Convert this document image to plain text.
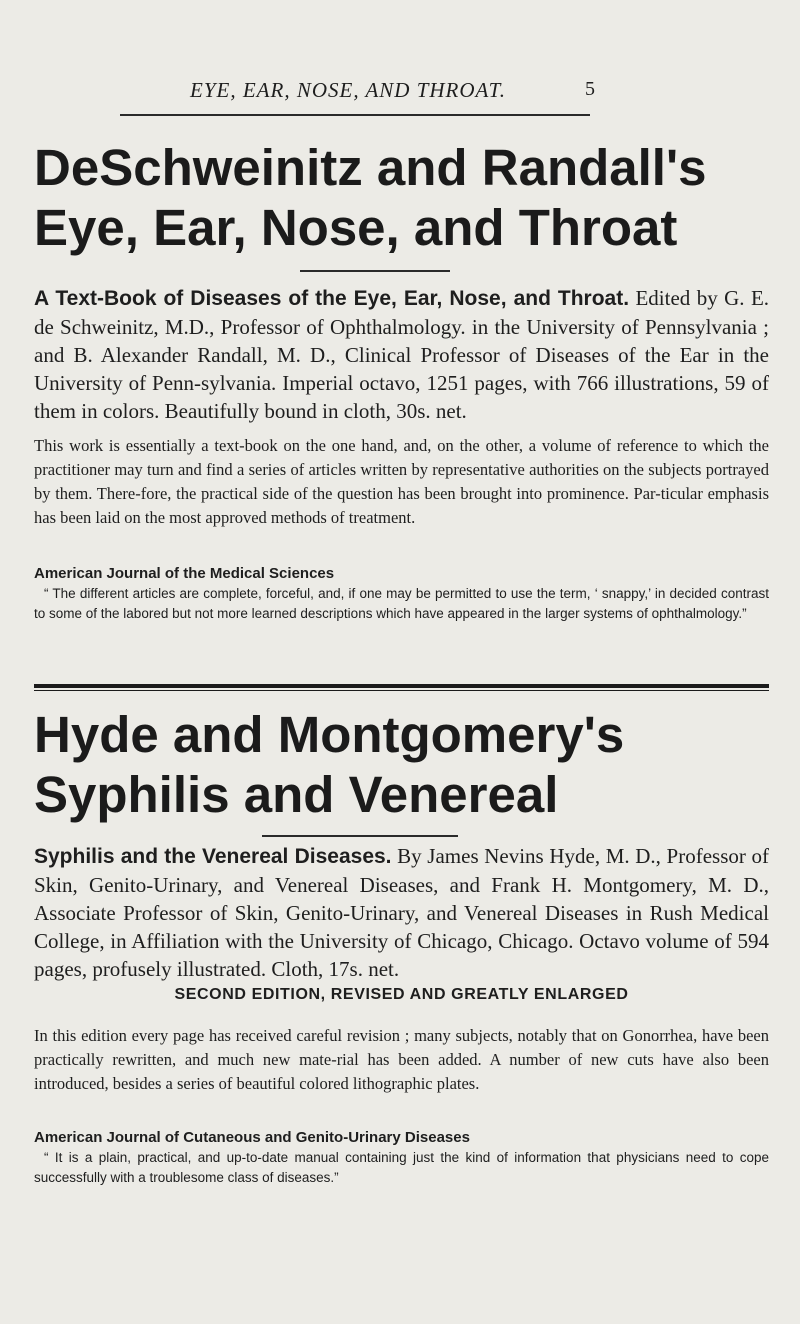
EYE, EAR, NOSE, AND THROAT.	5
DeSchweinitz and Randall's
Eye, Ear, Nose, and Throat
A Text-Book of Diseases of the Eye, Ear, Nose, and Throat. Edited by G. E. de Schweinitz, M.D., Professor of Ophthalmology. in the University of Pennsylvania ; and B. Alexander Randall, M. D., Clinical Professor of Diseases of the Ear in the University of Penn-sylvania. Imperial octavo, 1251 pages, with 766 illustrations, 59 of them in colors. Beautifully bound in cloth, 30s. net.
This work is essentially a text-book on the one hand, and, on the other, a volume of reference to which the practitioner may turn and find a series of articles written by representative authorities on the subjects portrayed by them. There-fore, the practical side of the question has been brought into prominence. Par-ticular emphasis has been laid on the most approved methods of treatment.
American Journal of the Medical Sciences
“ The different articles are complete, forceful, and, if one may be permitted to use the term, ‘ snappy,’ in decided contrast to some of the labored but not more learned descriptions which have appeared in the larger systems of ophthalmology.”
Hyde and Montgomery's
Syphilis and Venereal
Syphilis and the Venereal Diseases. By James Nevins Hyde, M. D., Professor of Skin, Genito-Urinary, and Venereal Diseases, and Frank H. Montgomery, M. D., Associate Professor of Skin, Genito-Urinary, and Venereal Diseases in Rush Medical College, in Affiliation with the University of Chicago, Chicago. Octavo volume of 594 pages, profusely illustrated. Cloth, 17s. net.
SECOND EDITION, REVISED AND GREATLY ENLARGED
In this edition every page has received careful revision ; many subjects, notably that on Gonorrhea, have been practically rewritten, and much new mate-rial has been added. A number of new cuts have also been introduced, besides a series of beautiful colored lithographic plates.
American Journal of Cutaneous and Genito-Urinary Diseases
“ It is a plain, practical, and up-to-date manual containing just the kind of information that physicians need to cope successfully with a troublesome class of diseases.”
